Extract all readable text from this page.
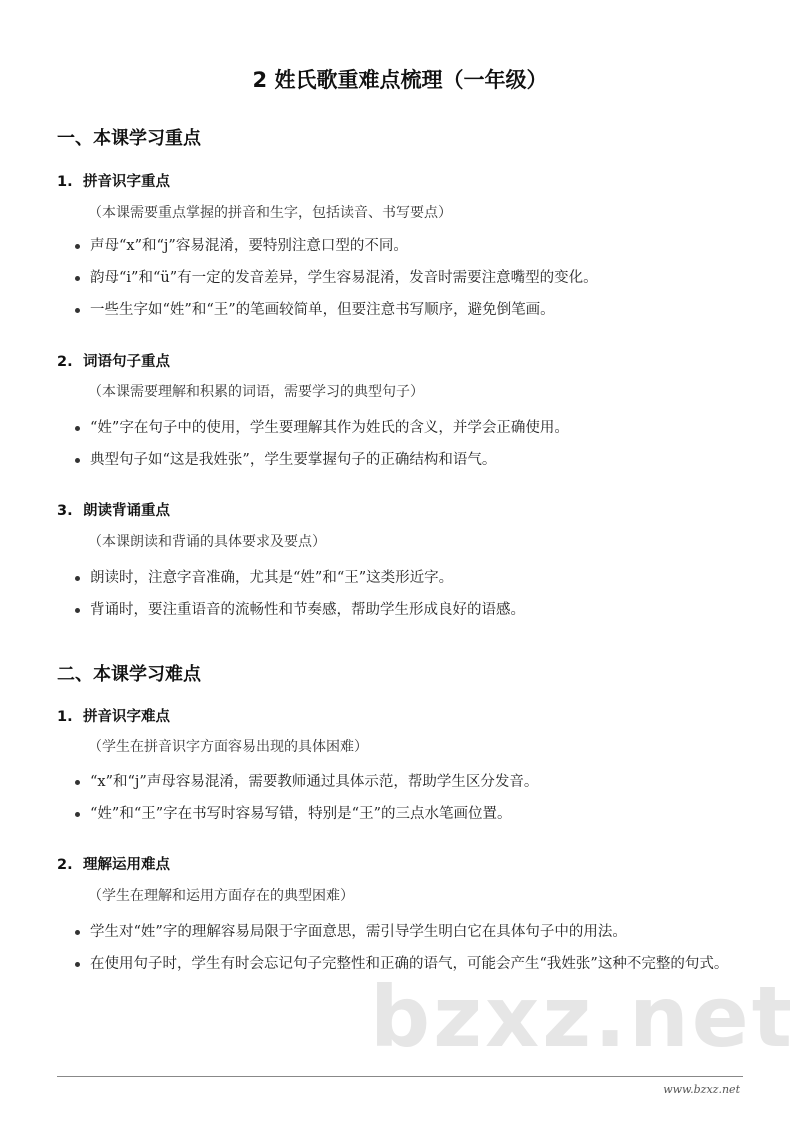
2 姓氏歌重难点梳理（一年级）
一、本课学习重点
1. 拼音识字重点
（本课需要重点掌握的拼音和生字，包括读音、书写要点）
声母“x”和“j”容易混淆，要特别注意口型的不同。
韵母“i”和“ü”有一定的发音差异，学生容易混淆，发音时需要注意嘴型的变化。
一些生字如“姓”和“王”的笔画较简单，但要注意书写顺序，避免倒笔画。
2. 词语句子重点
（本课需要理解和积累的词语，需要学习的典型句子）
“姓”字在句子中的使用，学生要理解其作为姓氏的含义，并学会正确使用。
典型句子如“这是我姓张”，学生要掌握句子的正确结构和语气。
3. 朗读背诵重点
（本课朗读和背诵的具体要求及要点）
朗读时，注意字音准确，尤其是“姓”和“王”这类形近字。
背诵时，要注重语音的流畅性和节奏感，帮助学生形成良好的语感。
二、本课学习难点
1. 拼音识字难点
（学生在拼音识字方面容易出现的具体困难）
“x”和“j”声母容易混淆，需要教师通过具体示范，帮助学生区分发音。
“姓”和“王”字在书写时容易写错，特别是“王”的三点水笔画位置。
2. 理解运用难点
（学生在理解和运用方面存在的典型困难）
学生对“姓”字的理解容易局限于字面意思，需引导学生明白它在具体句子中的用法。
在使用句子时，学生有时会忘记句子完整性和正确的语气，可能会产生“我姓张”这种不完整的句式。
bzxz.net
www.bzxz.net
